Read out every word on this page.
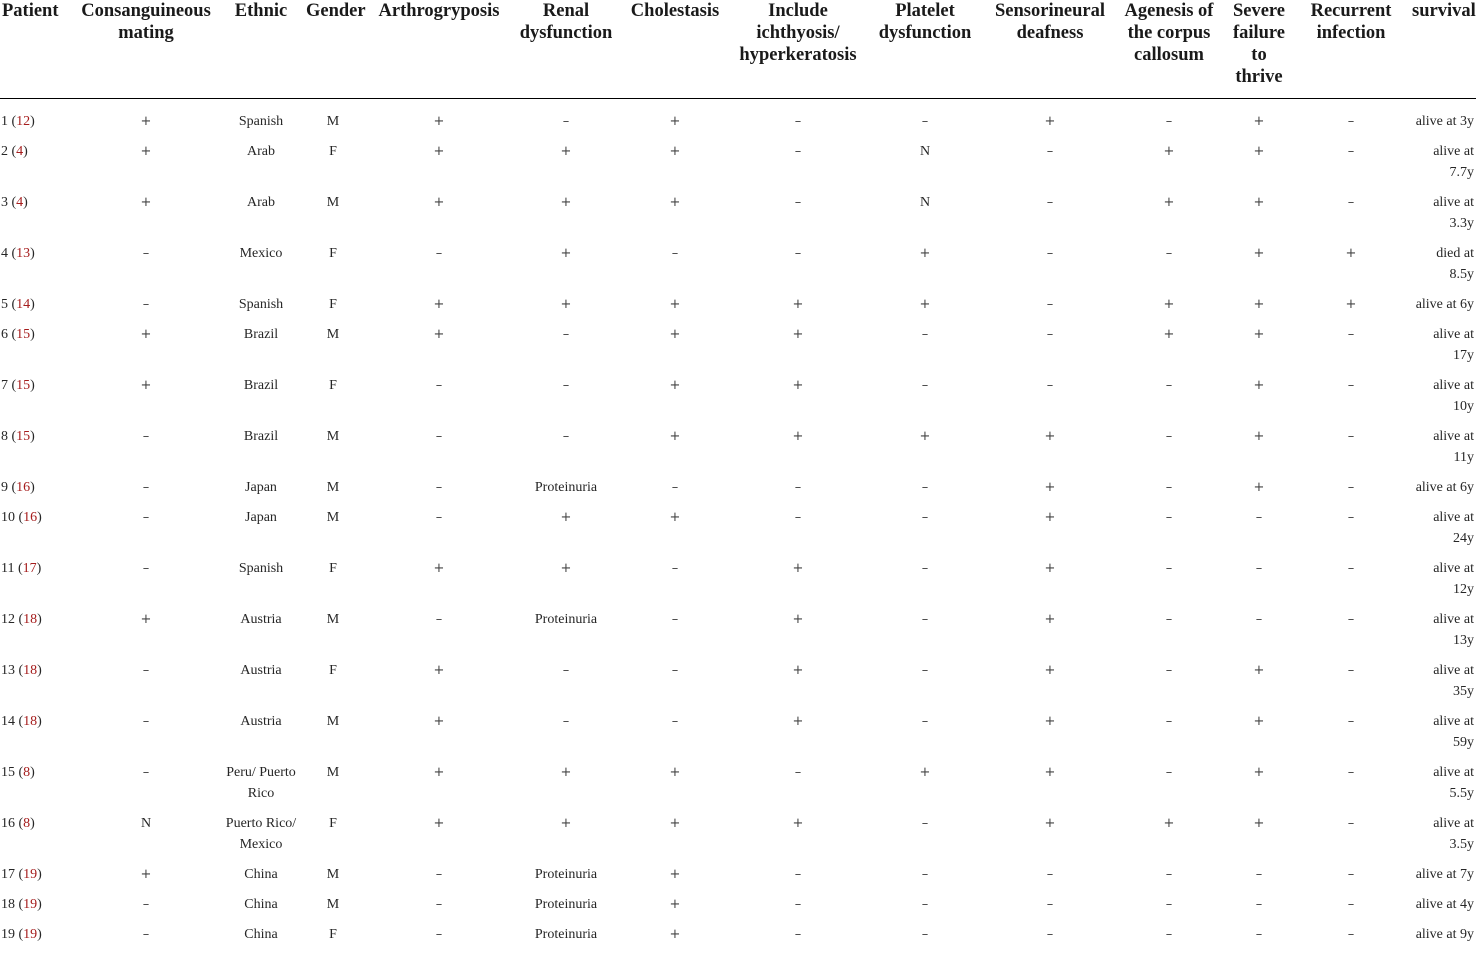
Patient	Consanguineous mating	Ethnic	Gender	Arthrogryposis	Renal dysfunction	Cholestasis	Include ichthyosis/ hyperkeratosis	Platelet dysfunction	Sensorineural deafness	Agenesis of the corpus callosum	Severe failure to thrive	Recurrent infection	survival
1 (12)	+	Spanish	M	+	–	+	–	–	+	–	+	–	alive at 3y
2 (4)	+	Arab	F	+	+	+	–	N	–	+	+	–	alive at 7.7y
3 (4)	+	Arab	M	+	+	+	–	N	–	+	+	–	alive at 3.3y
4 (13)	–	Mexico	F	–	+	–	–	+	–	–	+	+	died at 8.5y
5 (14)	–	Spanish	F	+	+	+	+	+	–	+	+	+	alive at 6y
6 (15)	+	Brazil	M	+	–	+	+	–	–	+	+	–	alive at 17y
7 (15)	+	Brazil	F	–	–	+	+	–	–	–	+	–	alive at 10y
8 (15)	–	Brazil	M	–	–	+	+	+	+	–	+	–	alive at 11y
9 (16)	–	Japan	M	–	Proteinuria	–	–	–	+	–	+	–	alive at 6y
10 (16)	–	Japan	M	–	+	+	–	–	+	–	–	–	alive at 24y
11 (17)	–	Spanish	F	+	+	–	+	–	+	–	–	–	alive at 12y
12 (18)	+	Austria	M	–	Proteinuria	–	+	–	+	–	–	–	alive at 13y
13 (18)	–	Austria	F	+	–	–	+	–	+	–	+	–	alive at 35y
14 (18)	–	Austria	M	+	–	–	+	–	+	–	+	–	alive at 59y
15 (8)	–	Peru/ Puerto Rico	M	+	+	+	–	+	+	–	+	–	alive at 5.5y
16 (8)	N	Puerto Rico/ Mexico	F	+	+	+	+	–	+	+	+	–	alive at 3.5y
17 (19)	+	China	M	–	Proteinuria	+	–	–	–	–	–	–	alive at 7y
18 (19)	–	China	M	–	Proteinuria	+	–	–	–	–	–	–	alive at 4y
19 (19)	–	China	F	–	Proteinuria	+	–	–	–	–	–	–	alive at 9y
